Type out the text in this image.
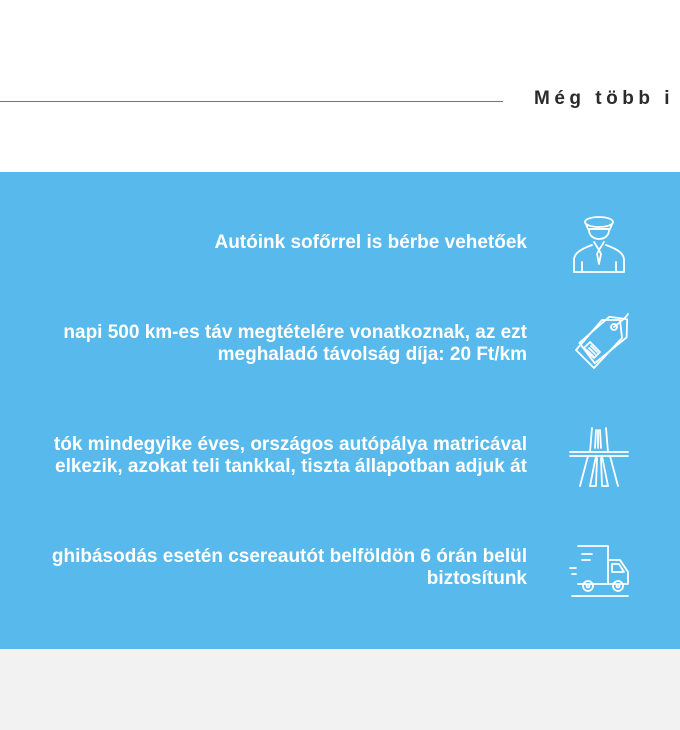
Még több i
Autóink sofőrrel is bérbe vehetőek
napi 500 km-es táv megtételére vonatkoznak, az ezt
meghaladó távolság díja: 20 Ft/km
tók mindegyike éves, országos autópálya matricával
elkezik, azokat teli tankkal, tiszta állapotban adjuk át
ghibásodás esetén csereautót belföldön 6 órán belül
biztosítunk
